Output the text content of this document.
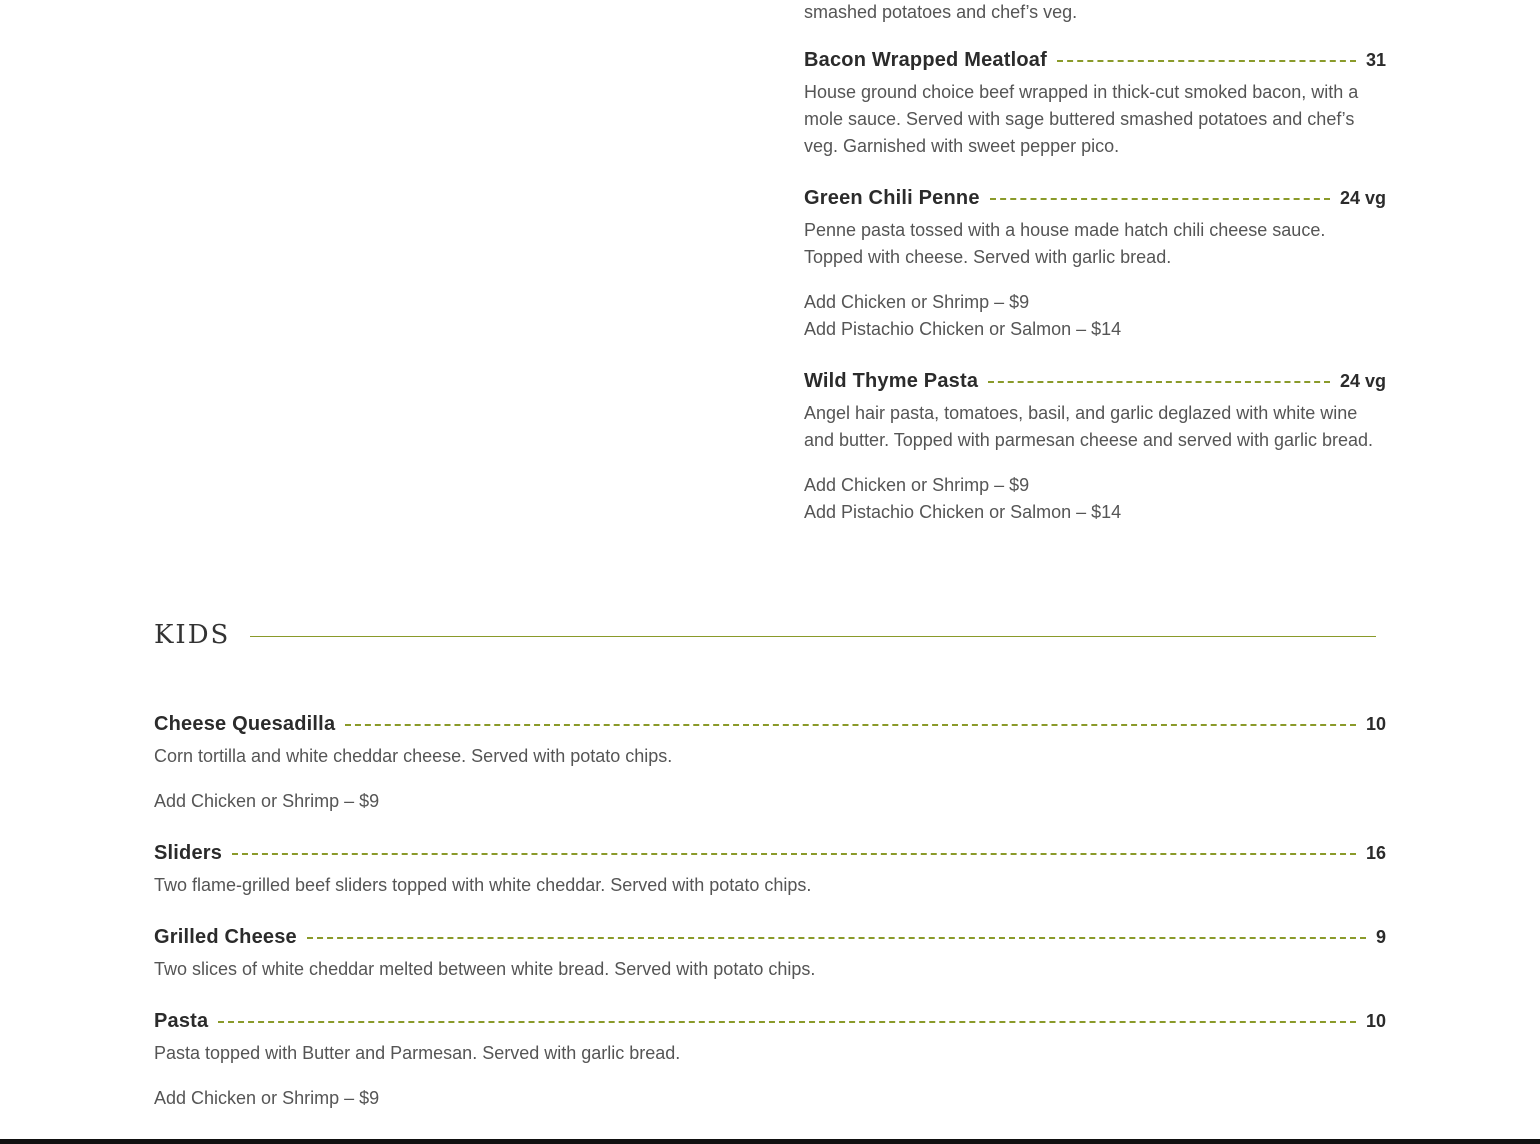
smashed potatoes and chef’s veg.
Bacon Wrapped Meatloaf	31
House ground choice beef wrapped in thick-cut smoked bacon, with a mole sauce. Served with sage buttered smashed potatoes and chef’s veg. Garnished with sweet pepper pico.
Green Chili Penne	24 vg
Penne pasta tossed with a house made hatch chili cheese sauce. Topped with cheese. Served with garlic bread.
Add Chicken or Shrimp – $9
Add Pistachio Chicken or Salmon – $14
Wild Thyme Pasta	24 vg
Angel hair pasta, tomatoes, basil, and garlic deglazed with white wine and butter. Topped with parmesan cheese and served with garlic bread.
Add Chicken or Shrimp – $9
Add Pistachio Chicken or Salmon – $14
KIDS
Cheese Quesadilla	10
Corn tortilla and white cheddar cheese. Served with potato chips.
Add Chicken or Shrimp – $9
Sliders	16
Two flame-grilled beef sliders topped with white cheddar. Served with potato chips.
Grilled Cheese	9
Two slices of white cheddar melted between white bread. Served with potato chips.
Pasta	10
Pasta topped with Butter and Parmesan. Served with garlic bread.
Add Chicken or Shrimp – $9
